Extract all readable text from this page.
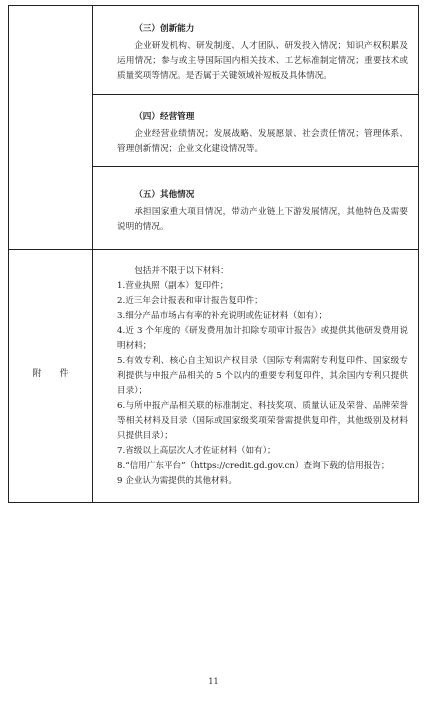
（三）创新能力

企业研发机构、研发制度、人才团队、研发投入情况；知识产权积累及运用情况；参与或主导国际国内相关技术、工艺标准制定情况；重要技术或质量奖项等情况。是否属于关键领域补短板及具体情况。

（四）经营管理

企业经营业绩情况；发展战略、发展愿景、社会责任情况；管理体系、管理创新情况；企业文化建设情况等。

（五）其他情况

承担国家重大项目情况，带动产业链上下游发展情况，其他特色及需要说明的情况。

附　　件

包括并不限于以下材料：

1.营业执照（副本）复印件；
2.近三年会计报表和审计报告复印件；
3.细分产品市场占有率的补充说明或佐证材料（如有）；
4.近 3 个年度的《研发费用加计扣除专项审计报告》或提供其他研发费用说明材料；
5.有效专利、核心自主知识产权目录（国际专利需附专利复印件、国家级专利提供与申报产品相关的 5 个以内的重要专利复印件，其余国内专利只提供目录）；
6.与所申报产品相关联的标准制定、科技奖项、质量认证及荣誉、品牌荣誉等相关材料及目录（国际或国家级奖项荣誉需提供复印件，其他级别及材料只提供目录）；
7.省级以上高层次人才佐证材料（如有）；
8.“信用广东平台”（https://credit.gd.gov.cn）查询下载的信用报告；
9 企业认为需提供的其他材料。
11
